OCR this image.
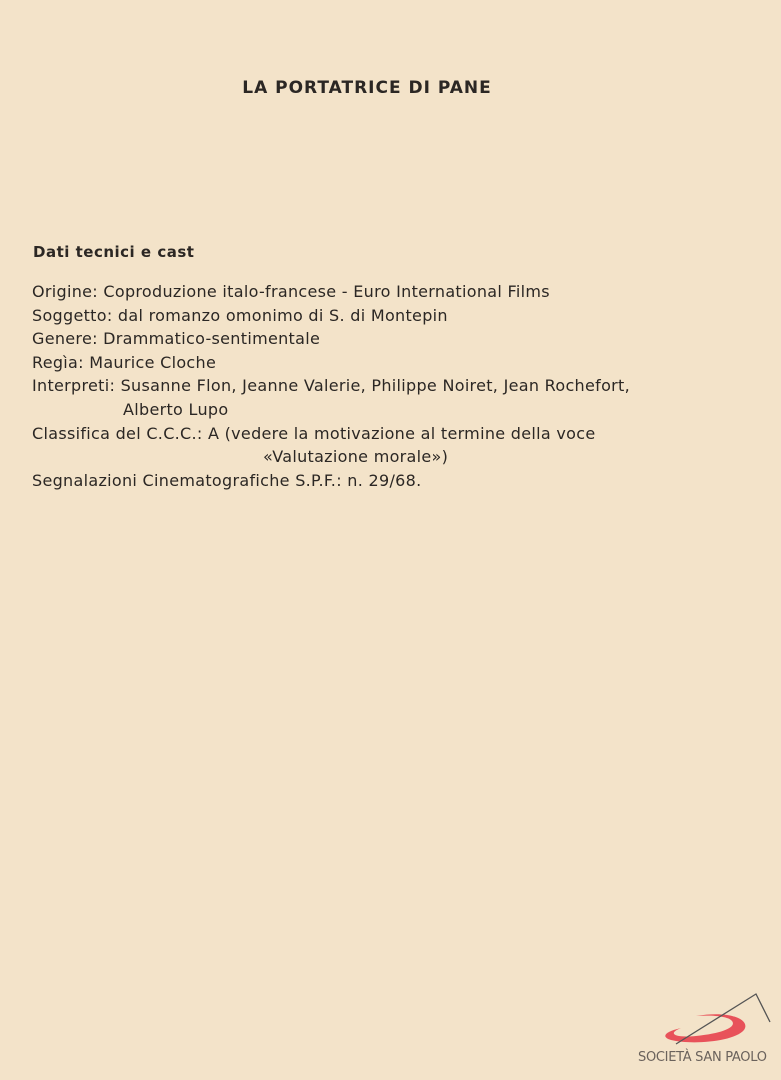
LA PORTATRICE DI PANE
Dati tecnici e cast
Origine: Coproduzione italo-francese - Euro International Films
Soggetto: dal romanzo omonimo di S. di Montepin
Genere: Drammatico-sentimentale
Regìa: Maurice Cloche
Interpreti: Susanne Flon, Jeanne Valerie, Philippe Noiret, Jean Rochefort,
Alberto Lupo
Classifica del C.C.C.: A (vedere la motivazione al termine della voce
«Valutazione morale»)
Segnalazioni Cinematografiche S.P.F.: n. 29/68.
SOCIETÀ SAN PAOLO
